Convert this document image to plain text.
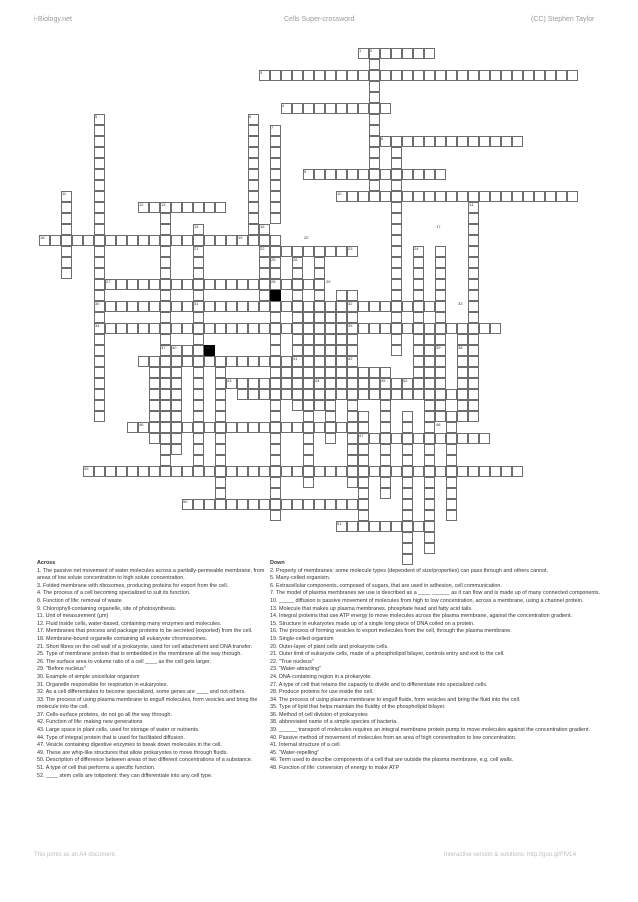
i-Biology.net	Cells Super-crossword	(CC) Stephen Taylor
1 2
3
4
5	6
7
8
9
10
11
12	13	14
15	16	17
18	19	20
21	22	23	24
25	26
27	28	29
30	31	32	33
34	35
36
37	38
39
40
41	42
43	44	45
46
47
48
49
50
51
52
Across
1. The passive net movement of water molecules across a partially-permeable membrane, from areas of low solute concentration to high solute concentration.
3. Folded membrane with ribosomes, producing proteins for export from the cell.
4. The process of a cell becoming specialized to suit its function.
8. Function of life: removal of waste
9. Chlorophyll-containing organelle, site of photosynthesis.
11. Unit of measurement (µm)
12. Fluid inside cells, water-based, containing many enzymes and molecules.
17. Membranes that process and package proteins to be secreted (exported) from the cell.
18. Membrane-bound organelle containing all eukaryote chromosomes.
21. Short fibres on the cell wall of a prokaryote, used for cell attachment and DNA transfer.
25. Type of membrane protein that is embedded in the membrane all the way through.
26. The surface area to volume ratio of a cell ____ as the cell gets larger.
29. "Before nucleus"
30. Example of simple unicellular organism
31. Organelle responsible for respiration in eukaryotes.
32. As a cell differentiates to become specialized, some genes are ____ and not others.
33. The process of using plasma membrane to engulf molecules, form vesicles and bring the molecule into the cell.
37. Cells-surface proteins, do not go all the way through.
42. Function of life: making new generations
43. Large space in plant cells, used for storage of water or nutrients.
44. Type of integral protein that is used for facilitated diffusion.
47. Vesicle containing digestive enzymes to break down molecules in the cell.
49. These are whip-like structures that allow prokaryotes to move through fluids.
50. Description of difference between areas of two different concentrations of a substance.
51. A type of cell that performs a specific function.
52. ____ stem cells are totipotent: they can differentiate into any cell type.
Down
2. Property of membranes: some molecule types (dependent of size/properties) can pass through and others cannot.
5. Many-celled organism.
6. Extracellular components, composed of sugars, that are used in adhesion, cell communication.
7. The model of plasma membranes we use is described as a ____ ______ as it can flow and is made up of many connected components.
10. _____ diffusion is passive movement of molecules from high to low concentration, across a membrane, using a channel protein.
13. Molecule that makes up plasma membranes, phosphate head and fatty acid tails.
14. Integral proteins that use ATP energy to move molecules across the plasma membrane, against the concentration gradient.
15. Structure in eukaryotes made up of a single long piece of DNA coiled on a protein.
16. The process of forming vesicles to export molecules from the cell, through the plasma membrane.
19. Single-celled organism
20. Outer-layer of plant cells and prokaryote cells.
21. Outer limit of eukaryote cells, made of a phospholipid bilayer, controls entry and exit to the cell.
22. "True nucleus"
23. "Water-attracting"
24. DNA-containing region in a prokaryote.
27. A type of cell that retains the capacity to divide and to differentiate into specialized cells.
28. Produce proteins for use inside the cell.
34. The process of using plasma membrane to engulf fluids, form vesicles and bring the fluid into the cell.
35. Type of lipid that helps maintain the fluidity of the phospholipid bilayer.
36. Method of cell division of prokaryotes
38. abbreviated name of a simple species of bacteria.
39. ______ transport of molecules requires an integral membrane protein pump to move molecules against the concentration gradient.
40. Passive method of movement of molecules from an area of high concentration to low concentration.
41. Internal structure of a cell.
45. "Water-repelling"
46. Term used to describe components of a cell that are outside the plasma membrane, e.g. cell walls.
48. Function of life: conversion of energy to make ATP
This prints as an A4 document.	Interactive version & solutions: http://goo.gl/FfVL4
